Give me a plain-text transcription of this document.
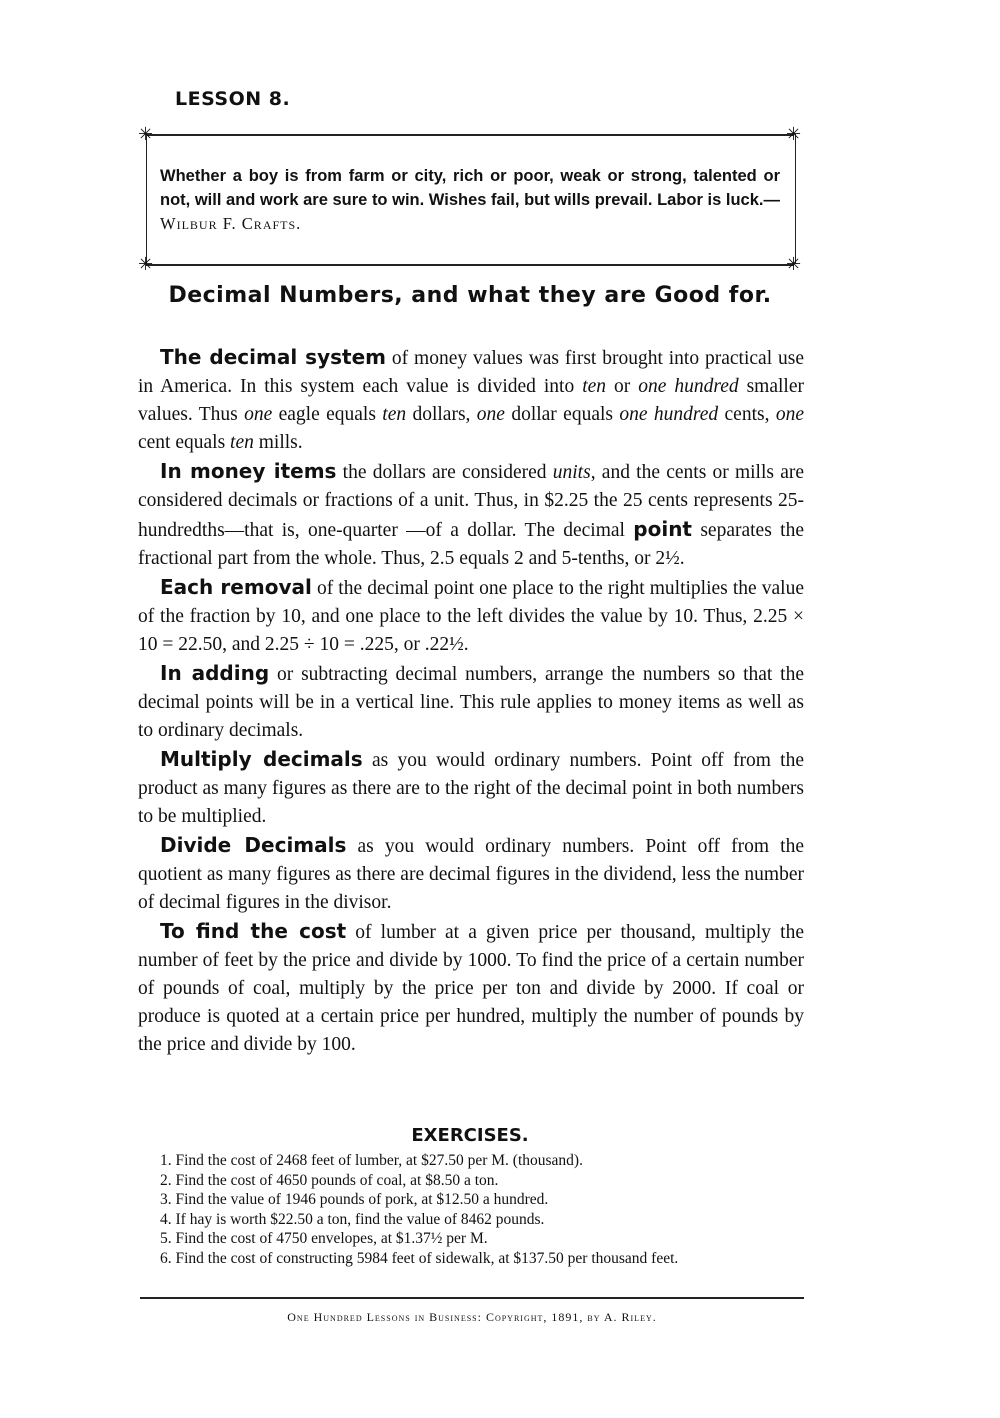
LESSON 8.
✳	✳
✳	✳
Whether a boy is from farm or city, rich or poor, weak or strong, talented or not, will and work are sure to win. Wishes fail, but wills prevail. Labor is luck.—Wilbur F. Crafts.
Decimal Numbers, and what they are Good for.

The decimal system of money values was first brought into practical use in America. In this system each value is divided into ten or one hundred smaller values. Thus one eagle equals ten dollars, one dollar equals one hundred cents, one cent equals ten mills.

In money items the dollars are considered units, and the cents or mills are considered decimals or fractions of a unit. Thus, in $2.25 the 25 cents represents 25-hundredths—that is, one-quarter —of a dollar. The decimal point separates the fractional part from the whole. Thus, 2.5 equals 2 and 5-tenths, or 2½.

Each removal of the decimal point one place to the right multiplies the value of the fraction by 10, and one place to the left divides the value by 10. Thus, 2.25 × 10 = 22.50, and 2.25 ÷ 10 = .225, or .22½.

In adding or subtracting decimal numbers, arrange the numbers so that the decimal points will be in a vertical line. This rule applies to money items as well as to ordinary decimals.

Multiply decimals as you would ordinary numbers. Point off from the product as many figures as there are to the right of the decimal point in both numbers to be multiplied.

Divide Decimals as you would ordinary numbers. Point off from the quotient as many figures as there are decimal figures in the dividend, less the number of decimal figures in the divisor.

To find the cost of lumber at a given price per thousand, multiply the number of feet by the price and divide by 1000. To find the price of a certain number of pounds of coal, multiply by the price per ton and divide by 2000. If coal or produce is quoted at a certain price per hundred, multiply the number of pounds by the price and divide by 100.

EXERCISES.
1. Find the cost of 2468 feet of lumber, at $27.50 per M. (thousand).
2. Find the cost of 4650 pounds of coal, at $8.50 a ton.
3. Find the value of 1946 pounds of pork, at $12.50 a hundred.
4. If hay is worth $22.50 a ton, find the value of 8462 pounds.
5. Find the cost of 4750 envelopes, at $1.37½ per M.
6. Find the cost of constructing 5984 feet of sidewalk, at $137.50 per thousand feet.
One Hundred Lessons in Business: Copyright, 1891, by A. Riley.
